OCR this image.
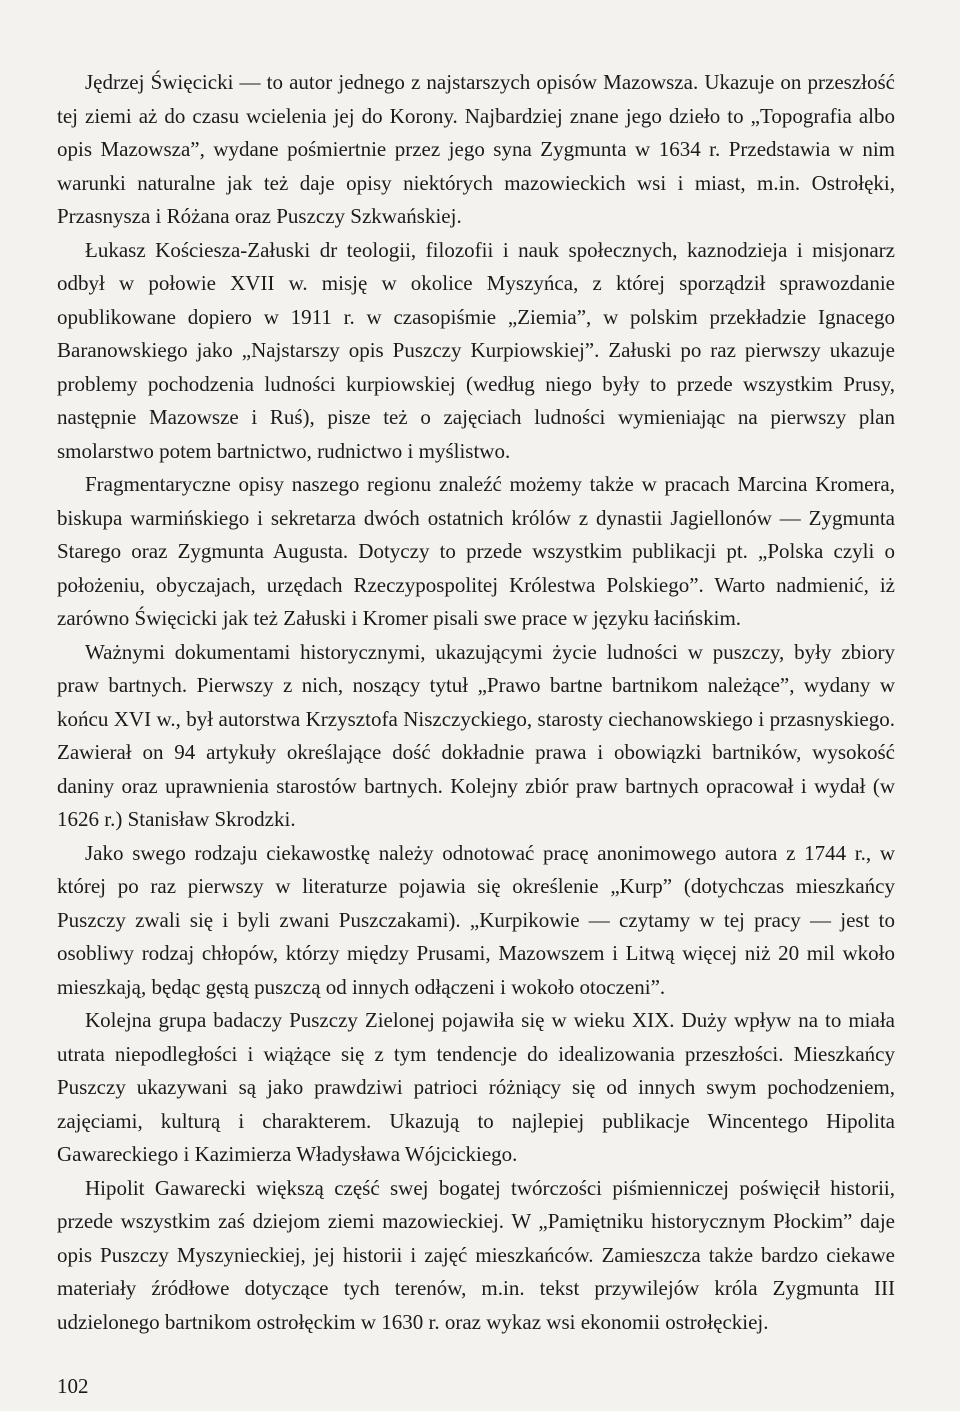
Jędrzej Święcicki — to autor jednego z najstarszych opisów Mazowsza. Ukazuje on przeszłość tej ziemi aż do czasu wcielenia jej do Korony. Najbardziej znane jego dzieło to „Topografia albo opis Mazowsza”, wydane pośmiertnie przez jego syna Zygmunta w 1634 r. Przedstawia w nim warunki naturalne jak też daje opisy niektórych mazowieckich wsi i miast, m.in. Ostrołęki, Przasnysza i Różana oraz Puszczy Szkwańskiej.

Łukasz Kościesza-Załuski dr teologii, filozofii i nauk społecznych, kaznodzieja i misjonarz odbył w połowie XVII w. misję w okolice Myszyńca, z której sporządził sprawozdanie opublikowane dopiero w 1911 r. w czasopiśmie „Ziemia”, w polskim przekładzie Ignacego Baranowskiego jako „Najstarszy opis Puszczy Kurpiowskiej”. Załuski po raz pierwszy ukazuje problemy pochodzenia ludności kurpiowskiej (według niego były to przede wszystkim Prusy, następnie Mazowsze i Ruś), pisze też o zajęciach ludności wymieniając na pierwszy plan smolarstwo potem bartnictwo, rudnictwo i myślistwo.

Fragmentaryczne opisy naszego regionu znaleźć możemy także w pracach Marcina Kromera, biskupa warmińskiego i sekretarza dwóch ostatnich królów z dynastii Jagiellonów — Zygmunta Starego oraz Zygmunta Augusta. Dotyczy to przede wszystkim publikacji pt. „Polska czyli o położeniu, obyczajach, urzędach Rzeczypospolitej Królestwa Polskiego”. Warto nadmienić, iż zarówno Święcicki jak też Załuski i Kromer pisali swe prace w języku łacińskim.

Ważnymi dokumentami historycznymi, ukazującymi życie ludności w puszczy, były zbiory praw bartnych. Pierwszy z nich, noszący tytuł „Prawo bartne bartnikom należące”, wydany w końcu XVI w., był autorstwa Krzysztofa Niszczyckiego, starosty ciechanowskiego i przasnyskiego. Zawierał on 94 artykuły określające dość dokładnie prawa i obowiązki bartników, wysokość daniny oraz uprawnienia starostów bartnych. Kolejny zbiór praw bartnych opracował i wydał (w 1626 r.) Stanisław Skrodzki.

Jako swego rodzaju ciekawostkę należy odnotować pracę anonimowego autora z 1744 r., w której po raz pierwszy w literaturze pojawia się określenie „Kurp” (dotychczas mieszkańcy Puszczy zwali się i byli zwani Puszczakami). „Kurpikowie — czytamy w tej pracy — jest to osobliwy rodzaj chłopów, którzy między Prusami, Mazowszem i Litwą więcej niż 20 mil wkoło mieszkają, będąc gęstą puszczą od innych odłączeni i wokoło otoczeni”.

Kolejna grupa badaczy Puszczy Zielonej pojawiła się w wieku XIX. Duży wpływ na to miała utrata niepodległości i wiążące się z tym tendencje do idealizowania przeszłości. Mieszkańcy Puszczy ukazywani są jako prawdziwi patrioci różniący się od innych swym pochodzeniem, zajęciami, kulturą i charakterem. Ukazują to najlepiej publikacje Wincentego Hipolita Gawareckiego i Kazimierza Władysława Wójcickiego.

Hipolit Gawarecki większą część swej bogatej twórczości piśmienniczej poświęcił historii, przede wszystkim zaś dziejom ziemi mazowieckiej. W „Pamiętniku historycznym Płockim” daje opis Puszczy Myszynieckiej, jej historii i zajęć mieszkańców. Zamieszcza także bardzo ciekawe materiały źródłowe dotyczące tych terenów, m.in. tekst przywilejów króla Zygmunta III udzielonego bartnikom ostrołęckim w 1630 r. oraz wykaz wsi ekonomii ostrołęckiej.

102
